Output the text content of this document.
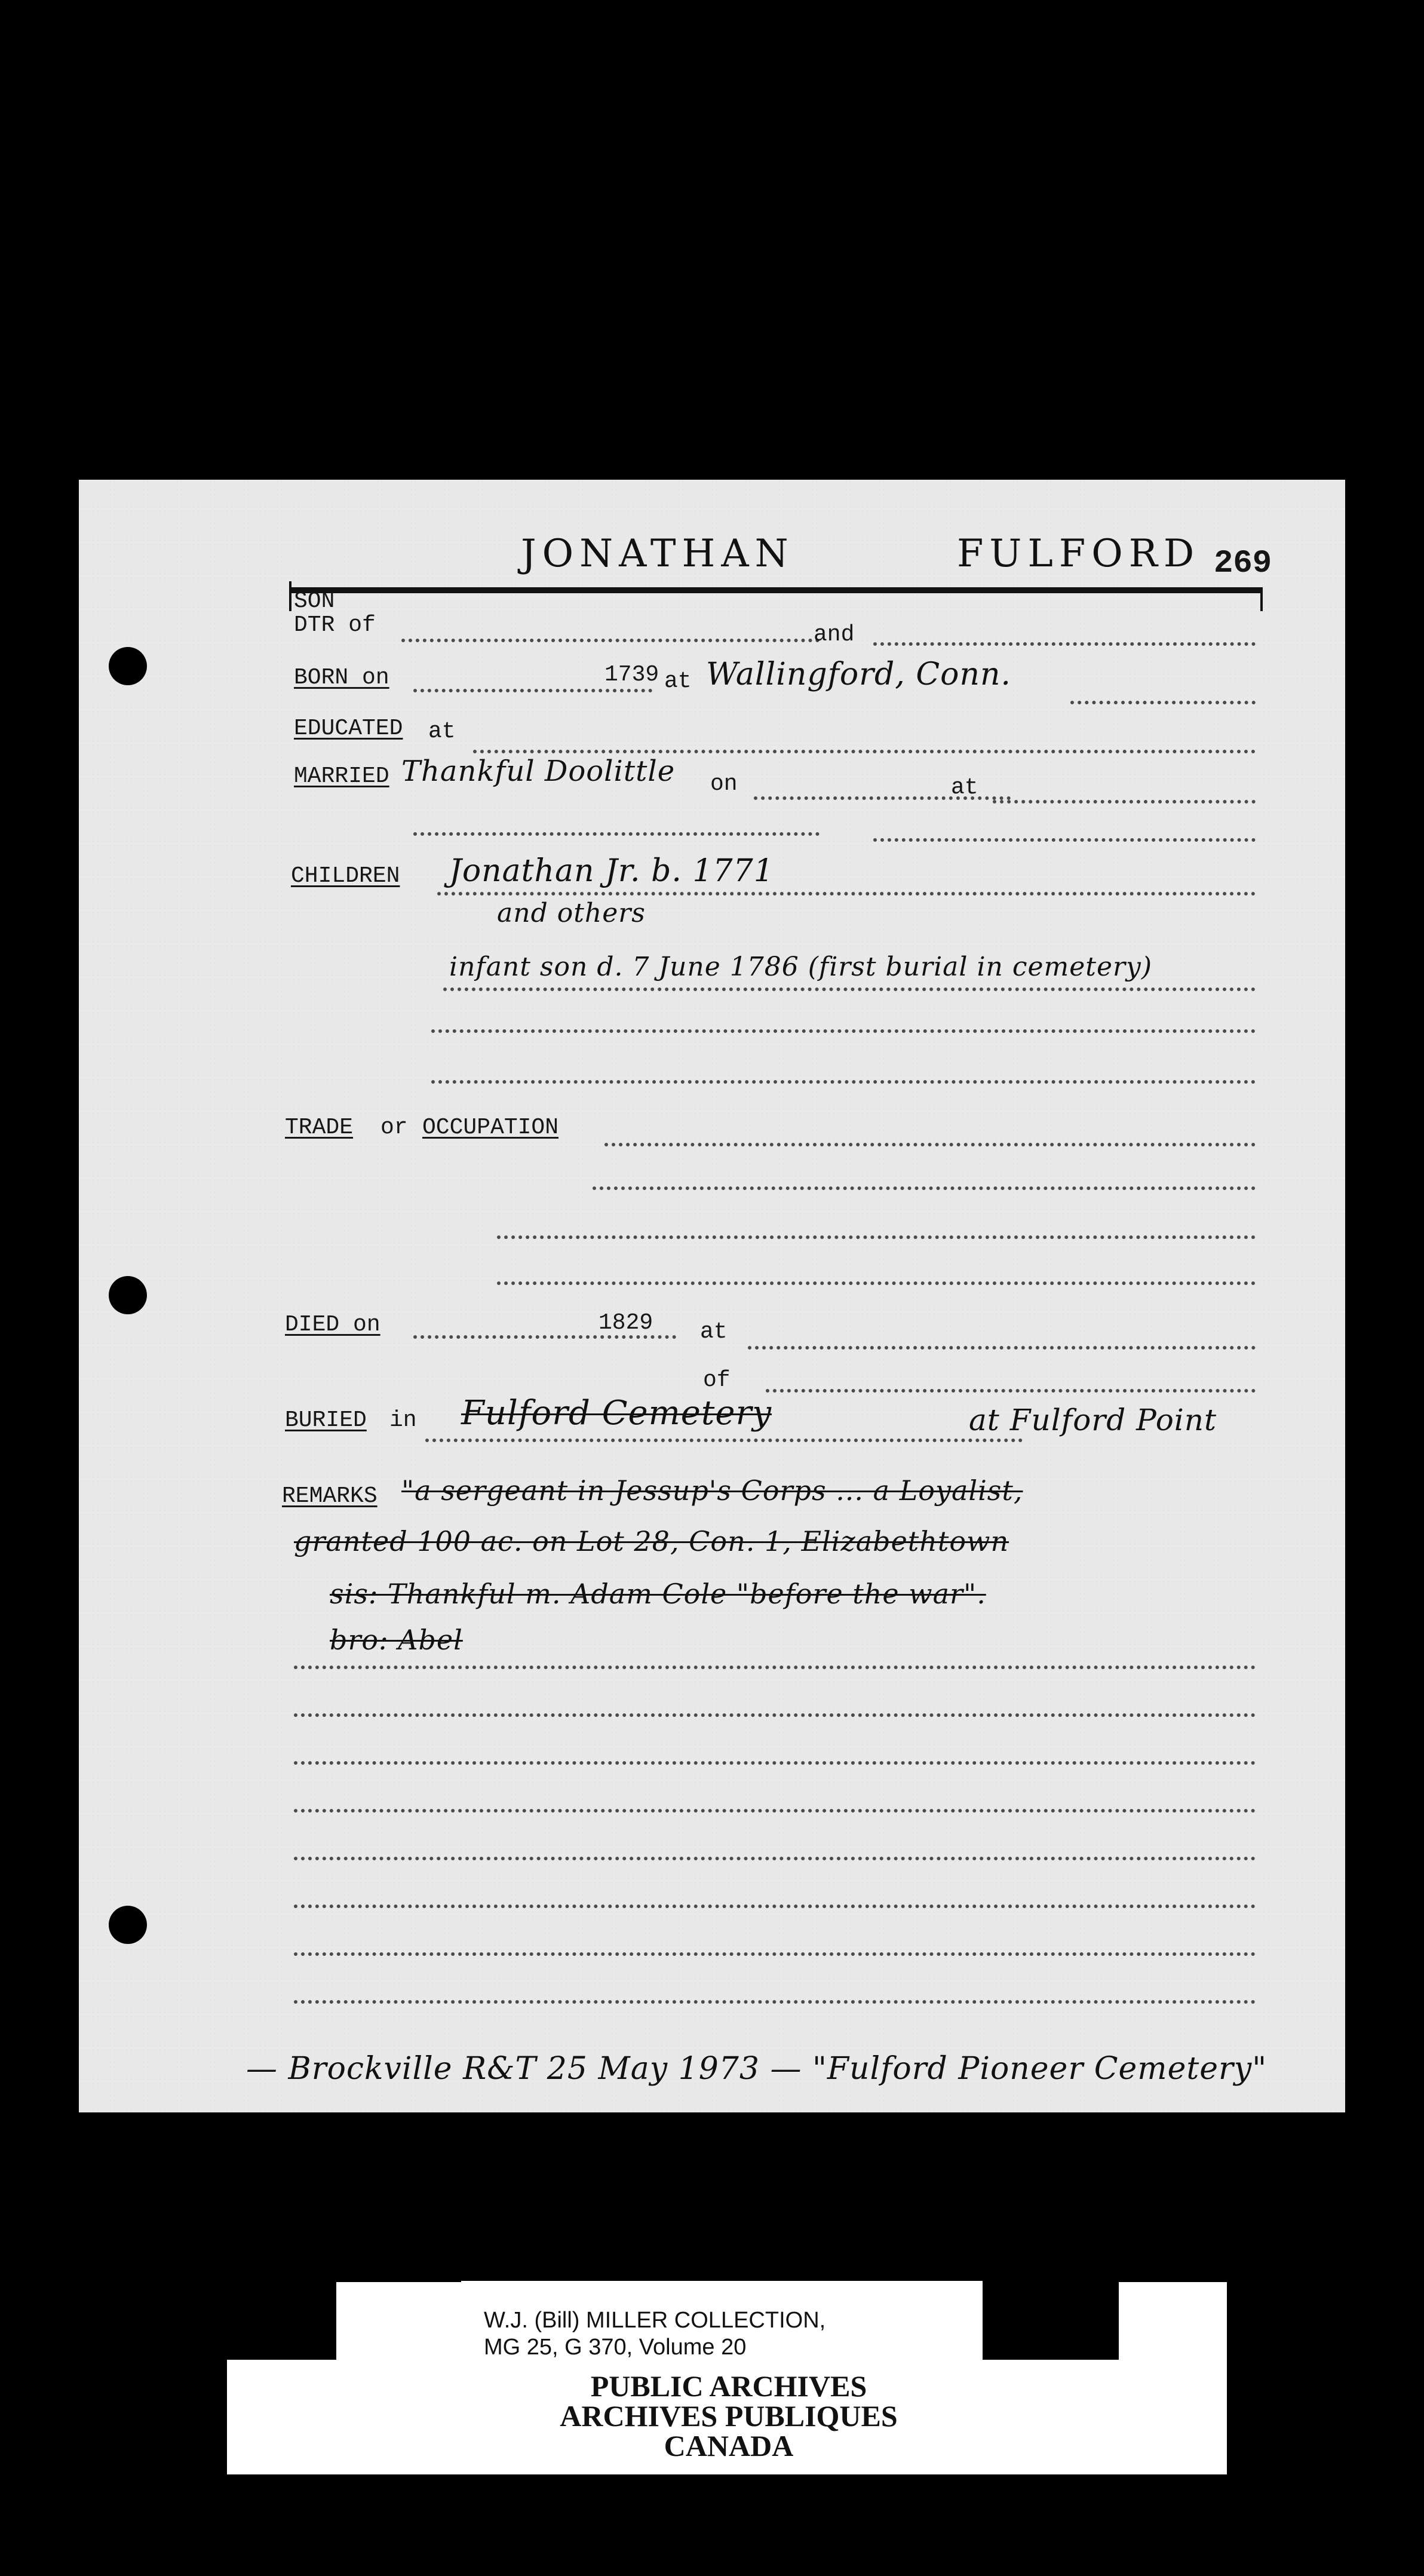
JONATHAN	FULFORD 269
SON
DTR of	and
BORN on	1739 at Wallingford, Conn.
EDUCATED at
MARRIED Thankful Doolittle on	at
CHILDREN Jonathan Jr. b. 1771
and others
infant son d. 7 June 1786 (first burial in cemetery)
TRADE or OCCUPATION
DIED on	1829 at
of
BURIED in Fulford Cemetery	at Fulford Point
REMARKS "a sergeant in Jessup's Corps ... a Loyalist,
granted 100 ac. on Lot 28, Con. 1, Elizabethtown
sis: Thankful m. Adam Cole "before the war".
bro: Abel
— Brockville R&T 25 May 1973 — "Fulford Pioneer Cemetery"
W.J. (Bill) MILLER COLLECTION,
MG 25, G 370, Volume 20
PUBLIC ARCHIVES
ARCHIVES PUBLIQUES
CANADA
